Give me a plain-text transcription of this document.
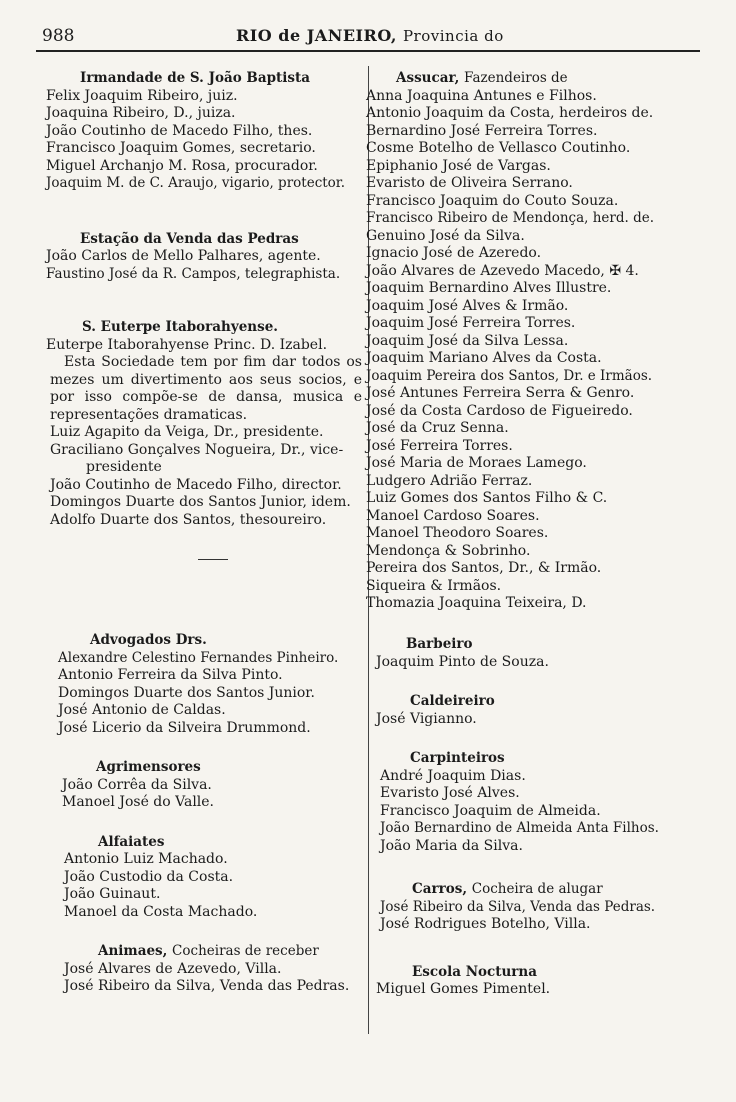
988	RIO de JANEIRO, Provincia do
Irmandade de S. João Baptista
Felix Joaquim Ribeiro, juiz.
Joaquina Ribeiro, D., juiza.
João Coutinho de Macedo Filho, thes.
Francisco Joaquim Gomes, secretario.
Miguel Archanjo M. Rosa, procurador.
Joaquim M. de C. Araujo, vigario, protector.
Estação da Venda das Pedras
João Carlos de Mello Palhares, agente.
Faustino José da R. Campos, telegraphista.
S. Euterpe Itaborahyense.
Euterpe Itaborahyense Princ. D. Izabel.
Esta Sociedade tem por fim dar todos os mezes um divertimento aos seus socios, e por isso compõe-se de dansa, musica e representações dramaticas.
Luiz Agapito da Veiga, Dr., presidente.
Graciliano Gonçalves Nogueira, Dr., vice-
presidente
João Coutinho de Macedo Filho, director.
Domingos Duarte dos Santos Junior, idem.
Adolfo Duarte dos Santos, thesoureiro.
Assucar, Fazendeiros de
Anna Joaquina Antunes e Filhos.
Antonio Joaquim da Costa, herdeiros de.
Bernardino José Ferreira Torres.
Cosme Botelho de Vellasco Coutinho.
Epiphanio José de Vargas.
Evaristo de Oliveira Serrano.
Francisco Joaquim do Couto Souza.
Francisco Ribeiro de Mendonça, herd. de.
Genuino José da Silva.
Ignacio José de Azeredo.
João Alvares de Azevedo Macedo, ✠ 4.
Joaquim Bernardino Alves Illustre.
Joaquim José Alves & Irmão.
Joaquim José Ferreira Torres.
Joaquim José da Silva Lessa.
Joaquim Mariano Alves da Costa.
Joaquim Pereira dos Santos, Dr. e Irmãos.
José Antunes Ferreira Serra & Genro.
José da Costa Cardoso de Figueiredo.
José da Cruz Senna.
José Ferreira Torres.
José Maria de Moraes Lamego.
Ludgero Adrião Ferraz.
Luiz Gomes dos Santos Filho & C.
Manoel Cardoso Soares.
Manoel Theodoro Soares.
Mendonça & Sobrinho.
Pereira dos Santos, Dr., & Irmão.
Siqueira & Irmãos.
Thomazia Joaquina Teixeira, D.
Advogados Drs.
Alexandre Celestino Fernandes Pinheiro.
Antonio Ferreira da Silva Pinto.
Domingos Duarte dos Santos Junior.
José Antonio de Caldas.
José Licerio da Silveira Drummond.
Agrimensores
João Corrêa da Silva.
Manoel José do Valle.
Alfaiates
Antonio Luiz Machado.
João Custodio da Costa.
João Guinaut.
Manoel da Costa Machado.
Animaes, Cocheiras de receber
José Alvares de Azevedo, Villa.
José Ribeiro da Silva, Venda das Pedras.
Barbeiro
Joaquim Pinto de Souza.
Caldeireiro
José Vigianno.
Carpinteiros
André Joaquim Dias.
Evaristo José Alves.
Francisco Joaquim de Almeida.
João Bernardino de Almeida Anta Filhos.
João Maria da Silva.
Carros, Cocheira de alugar
José Ribeiro da Silva, Venda das Pedras.
José Rodrigues Botelho, Villa.
Escola Nocturna
Miguel Gomes Pimentel.
